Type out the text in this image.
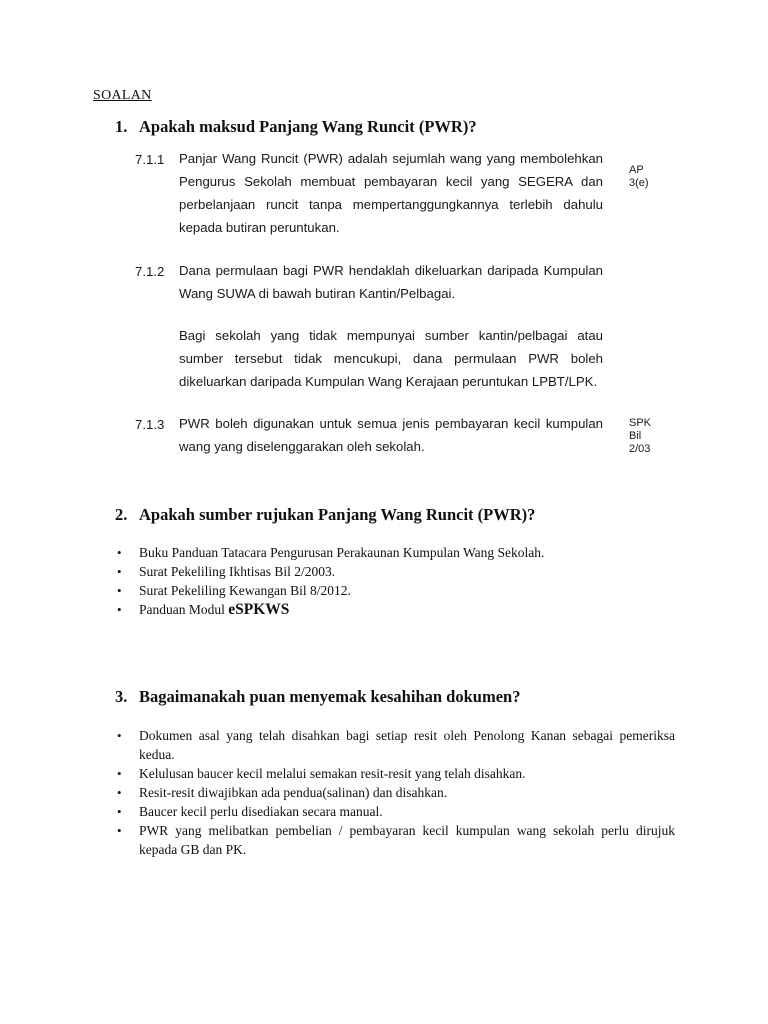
SOALAN
1. Apakah maksud Panjang Wang Runcit (PWR)?
7.1.1 Panjar Wang Runcit (PWR) adalah sejumlah wang yang membolehkan Pengurus Sekolah membuat pembayaran kecil yang SEGERA dan perbelanjaan runcit tanpa mempertanggungkannya terlebih dahulu kepada butiran peruntukan.
AP 3(e)
7.1.2 Dana permulaan bagi PWR hendaklah dikeluarkan daripada Kumpulan Wang SUWA di bawah butiran Kantin/Pelbagai.
Bagi sekolah yang tidak mempunyai sumber kantin/pelbagai atau sumber tersebut tidak mencukupi, dana permulaan PWR boleh dikeluarkan daripada Kumpulan Wang Kerajaan peruntukan LPBT/LPK.
7.1.3 PWR boleh digunakan untuk semua jenis pembayaran kecil kumpulan wang yang diselenggarakan oleh sekolah.
SPK
Bil 2/03
2. Apakah sumber rujukan Panjang Wang Runcit (PWR)?
• Buku Panduan Tatacara Pengurusan Perakaunan Kumpulan Wang Sekolah.
• Surat Pekeliling Ikhtisas Bil 2/2003.
• Surat Pekeliling Kewangan Bil 8/2012.
• Panduan Modul eSPKWS
3. Bagaimanakah puan menyemak kesahihan dokumen?
• Dokumen asal yang telah disahkan bagi setiap resit oleh Penolong Kanan sebagai pemeriksa kedua.
• Kelulusan baucer kecil melalui semakan resit-resit yang telah disahkan.
• Resit-resit diwajibkan ada pendua(salinan) dan disahkan.
• Baucer kecil perlu disediakan secara manual.
• PWR yang melibatkan pembelian / pembayaran kecil kumpulan wang sekolah perlu dirujuk kepada GB dan PK.
